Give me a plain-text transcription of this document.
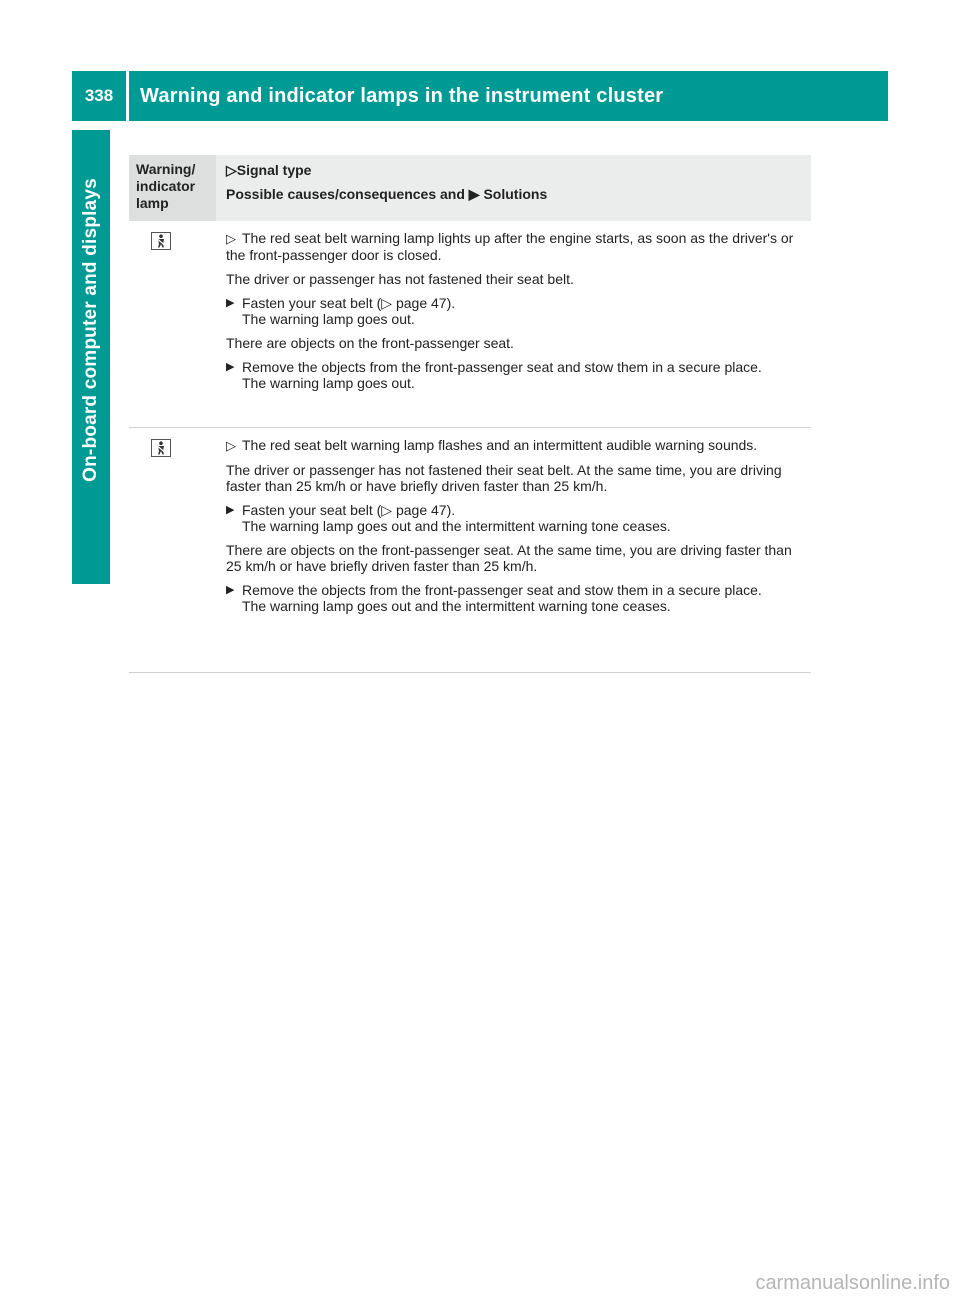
338	Warning and indicator lamps in the instrument cluster
On-board computer and displays
Warning/ indicator lamp
▷Signal type
Possible causes/consequences and ▶ Solutions
▷ The red seat belt warning lamp lights up after the engine starts, as soon as the driver's or the front-passenger door is closed.
The driver or passenger has not fastened their seat belt.
▶ Fasten your seat belt (▷ page 47).
The warning lamp goes out.
There are objects on the front-passenger seat.
▶ Remove the objects from the front-passenger seat and stow them in a secure place.
The warning lamp goes out.
▷ The red seat belt warning lamp flashes and an intermittent audible warning sounds.
The driver or passenger has not fastened their seat belt. At the same time, you are driving faster than 25 km/h or have briefly driven faster than 25 km/h.
▶ Fasten your seat belt (▷ page 47).
The warning lamp goes out and the intermittent warning tone ceases.
There are objects on the front-passenger seat. At the same time, you are driving faster than 25 km/h or have briefly driven faster than 25 km/h.
▶ Remove the objects from the front-passenger seat and stow them in a secure place.
The warning lamp goes out and the intermittent warning tone ceases.
carmanualsonline.info
